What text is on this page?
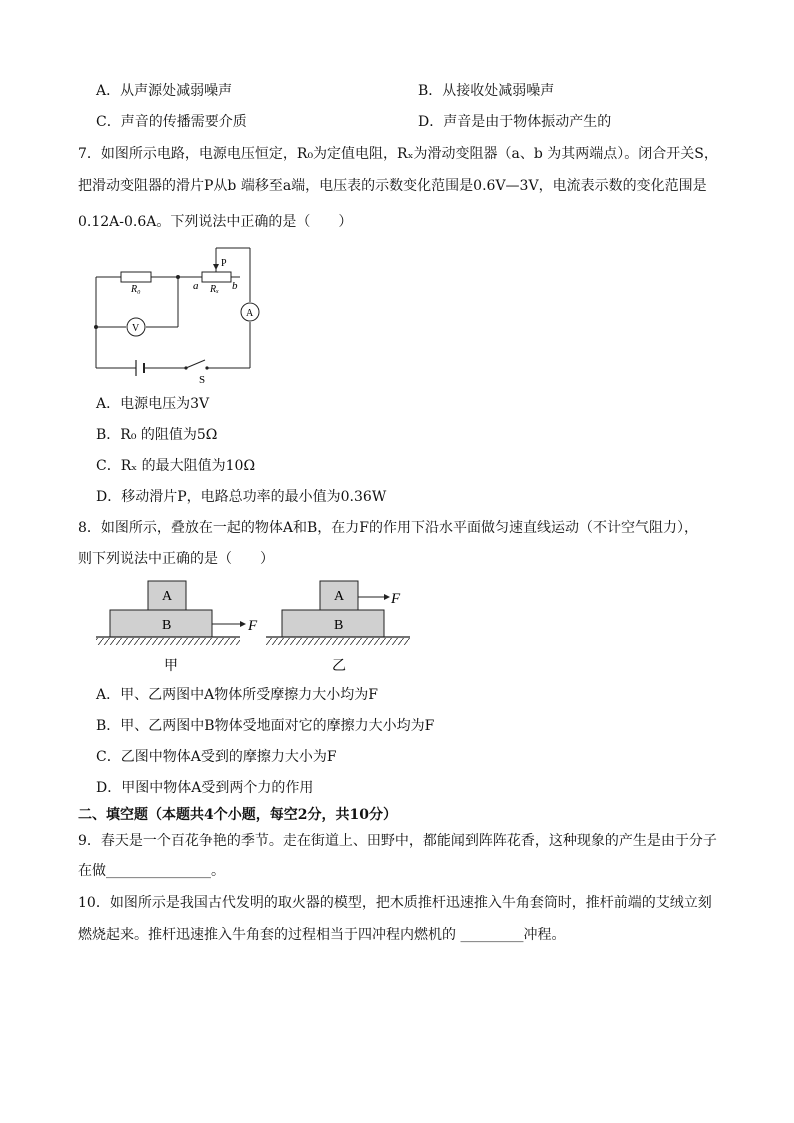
A．从声源处减弱噪声	B．从接收处减弱噪声
C．声音的传播需要介质	D．声音是由于物体振动产生的
7．如图所示电路，电源电压恒定，R₀为定值电阻，Rₓ为滑动变阻器（a、b 为其两端点）。闭合开关S，
把滑动变阻器的滑片P从b 端移至a端，电压表的示数变化范围是0.6V—3V，电流表示数的变化范围是
0.12A-0.6A。下列说法中正确的是（　　）
R₀	Rₓ
P
a	b
V
A
S
A．电源电压为3V
B．R₀ 的阻值为5Ω
C．Rₓ 的最大阻值为10Ω
D．移动滑片P，电路总功率的最小值为0.36W
8．如图所示，叠放在一起的物体A和B，在力F的作用下沿水平面做匀速直线运动（不计空气阻力），
则下列说法中正确的是（　　）
A
B	F
甲
A
B
F
乙
A．甲、乙两图中A物体所受摩擦力大小均为F
B．甲、乙两图中B物体受地面对它的摩擦力大小均为F
C．乙图中物体A受到的摩擦力大小为F
D．甲图中物体A受到两个力的作用
二、填空题（本题共4个小题，每空2分，共10分）
9．春天是一个百花争艳的季节。走在街道上、田野中，都能闻到阵阵花香，这种现象的产生是由于分子
在做_______________。
10．如图所示是我国古代发明的取火器的模型，把木质推杆迅速推入牛角套筒时，推杆前端的艾绒立刻
燃烧起来。推杆迅速推入牛角套的过程相当于四冲程内燃机的 _________冲程。
